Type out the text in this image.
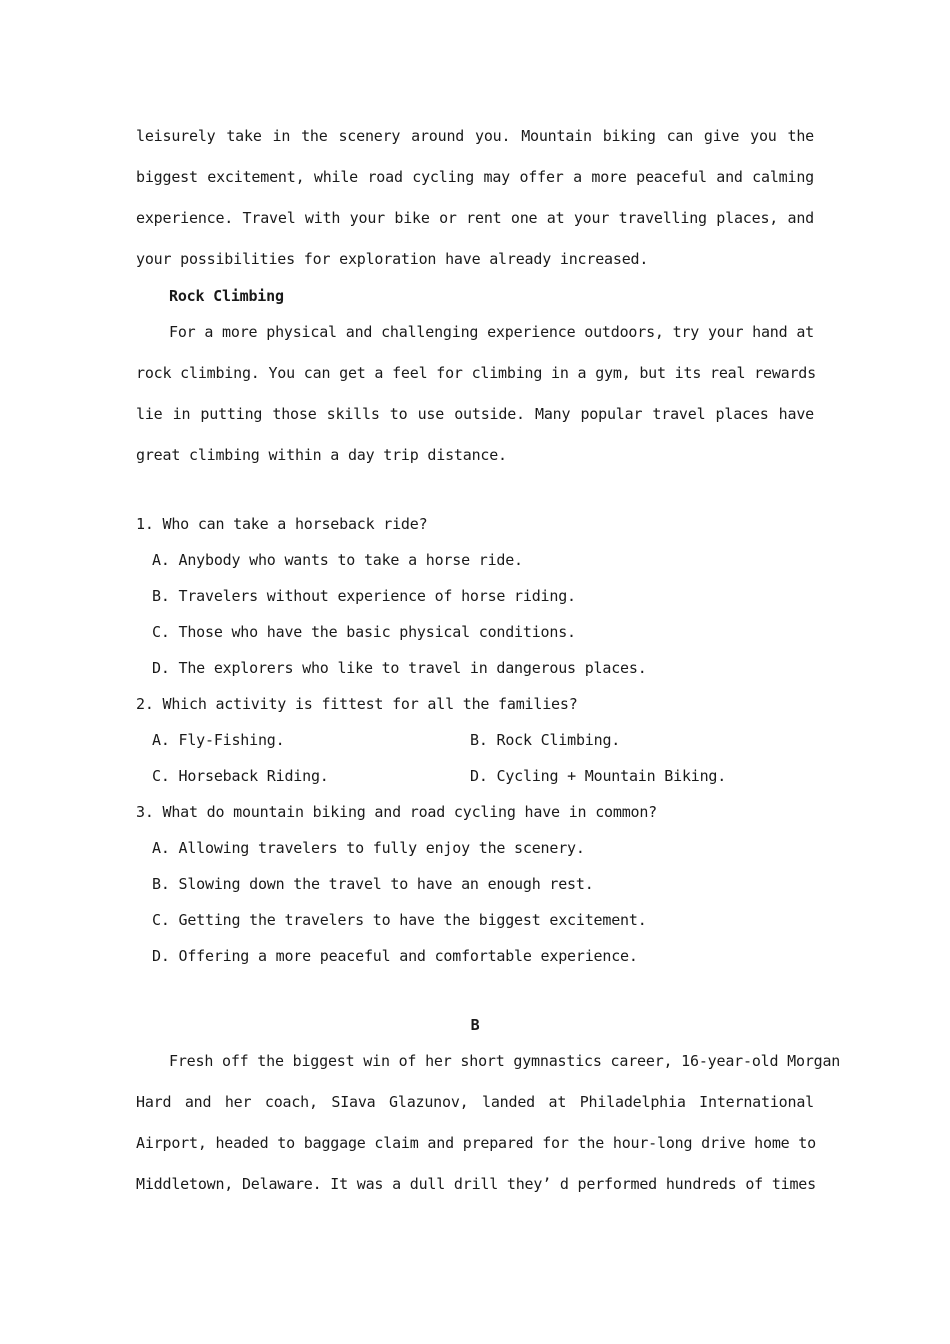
leisurely take in the scenery around you. Mountain biking can give you the
biggest excitement, while road cycling may offer a more peaceful and calming
experience. Travel with your bike or rent one at your travelling places, and
your possibilities for exploration have already increased.
Rock Climbing
For a more physical and challenging experience outdoors, try your hand at
rock climbing. You can get a feel for climbing in a gym, but its real rewards
lie in putting those skills to use outside. Many popular travel places have
great climbing within a day trip distance.
1. Who can take a horseback ride?
A. Anybody who wants to take a horse ride.
B. Travelers without experience of horse riding.
C. Those who have the basic physical conditions.
D. The explorers who like to travel in dangerous places.
2. Which activity is fittest for all the families?
A. Fly-Fishing.	B. Rock Climbing.
C. Horseback Riding.	D. Cycling + Mountain Biking.
3. What do mountain biking and road cycling have in common?
A. Allowing travelers to fully enjoy the scenery.
B. Slowing down the travel to have an enough rest.
C. Getting the travelers to have the biggest excitement.
D. Offering a more peaceful and comfortable experience.
B
Fresh off the biggest win of her short gymnastics career, 16-year-old Morgan
Hard and her coach, SIava Glazunov, landed at Philadelphia International
Airport, headed to baggage claim and prepared for the hour-long drive home to
Middletown, Delaware. It was a dull drill they’ d performed hundreds of times
